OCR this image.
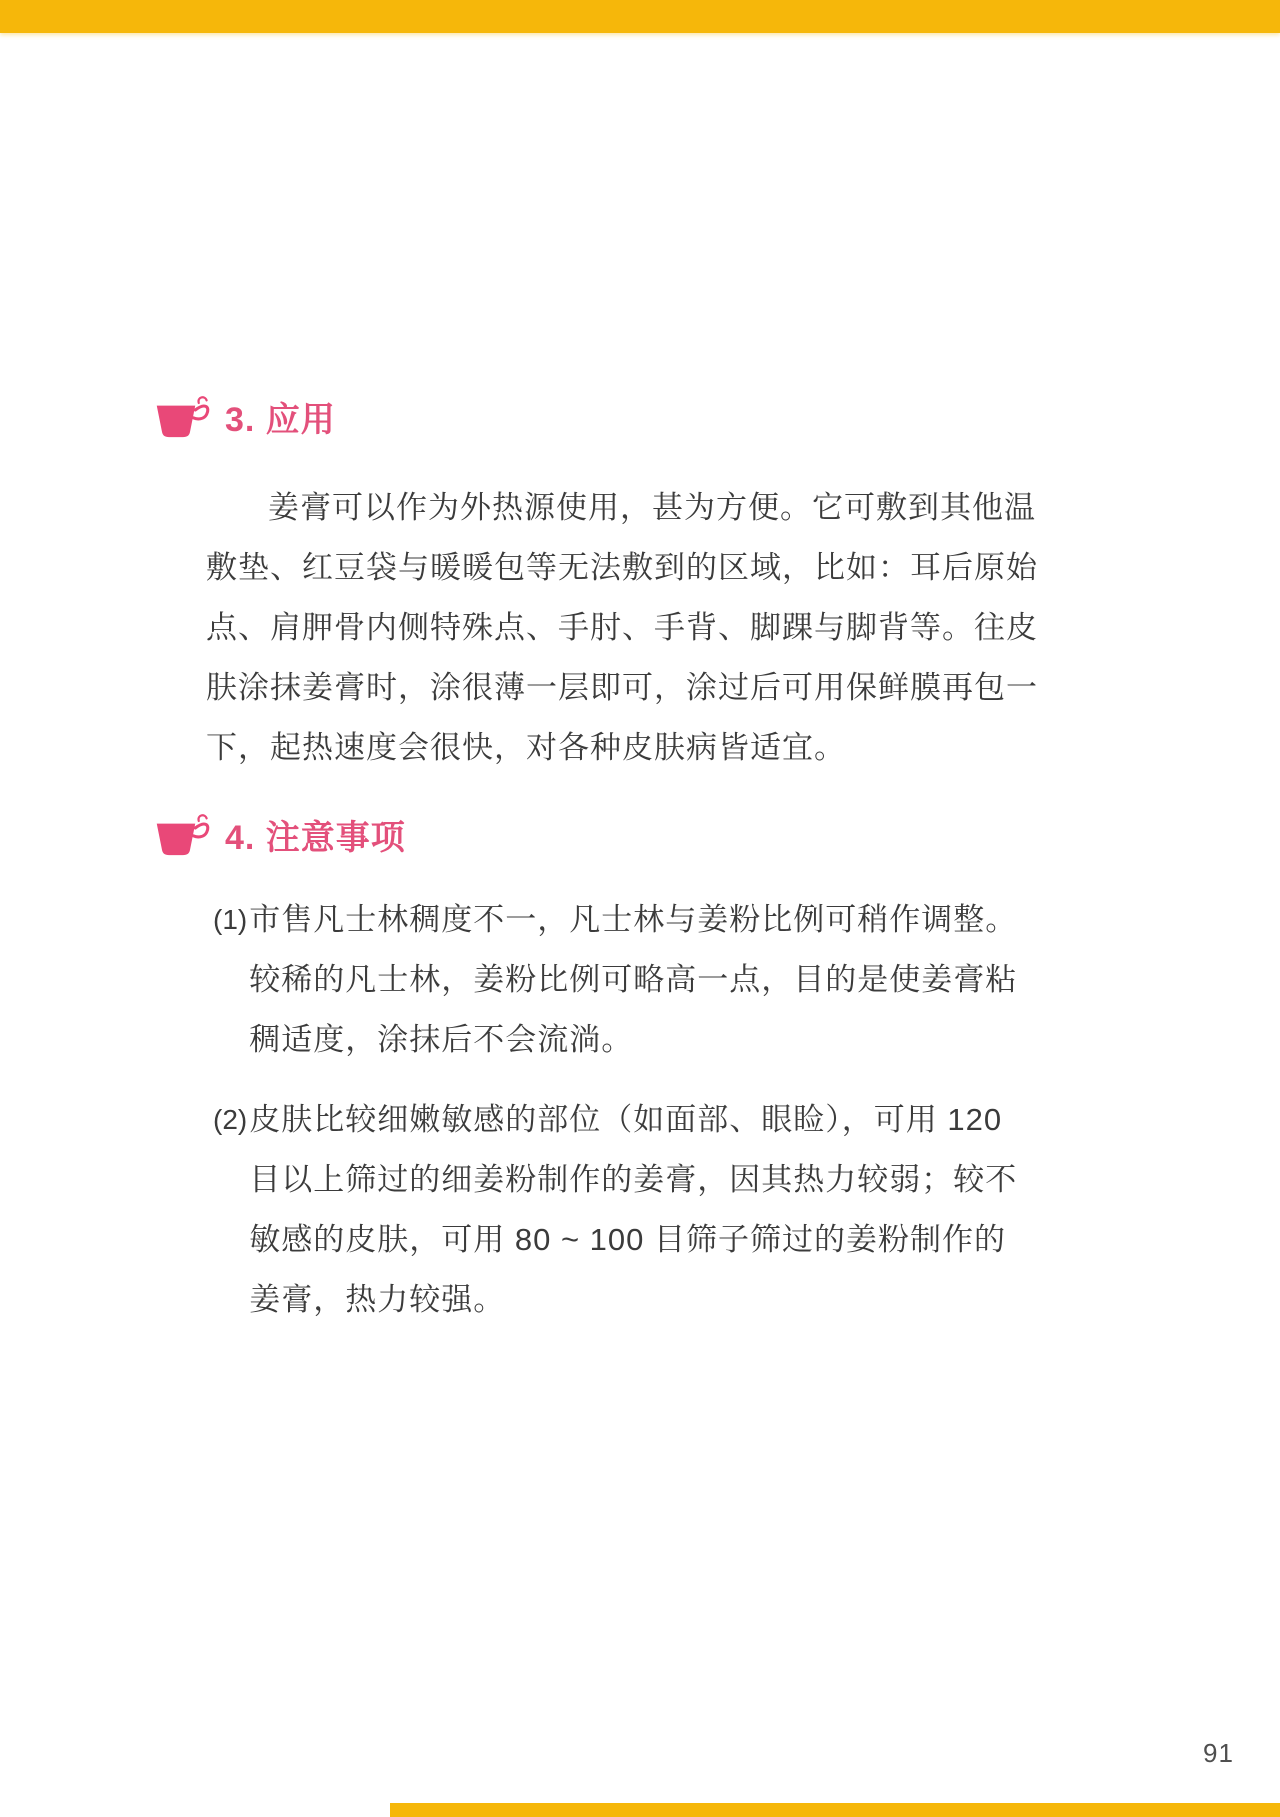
3. 应用
姜膏可以作为外热源使用，甚为方便。它可敷到其他温
敷垫、红豆袋与暖暖包等无法敷到的区域，比如：耳后原始
点、肩胛骨内侧特殊点、手肘、手背、脚踝与脚背等。往皮
肤涂抹姜膏时，涂很薄一层即可，涂过后可用保鲜膜再包一
下，起热速度会很快，对各种皮肤病皆适宜。
4. 注意事项
(1) 市售凡士林稠度不一，凡士林与姜粉比例可稍作调整。
较稀的凡士林，姜粉比例可略高一点，目的是使姜膏粘
稠适度，涂抹后不会流淌。
(2) 皮肤比较细嫩敏感的部位（如面部、眼睑），可用 120
目以上筛过的细姜粉制作的姜膏，因其热力较弱；较不
敏感的皮肤，可用 80 ~ 100 目筛子筛过的姜粉制作的
姜膏，热力较强。
91
